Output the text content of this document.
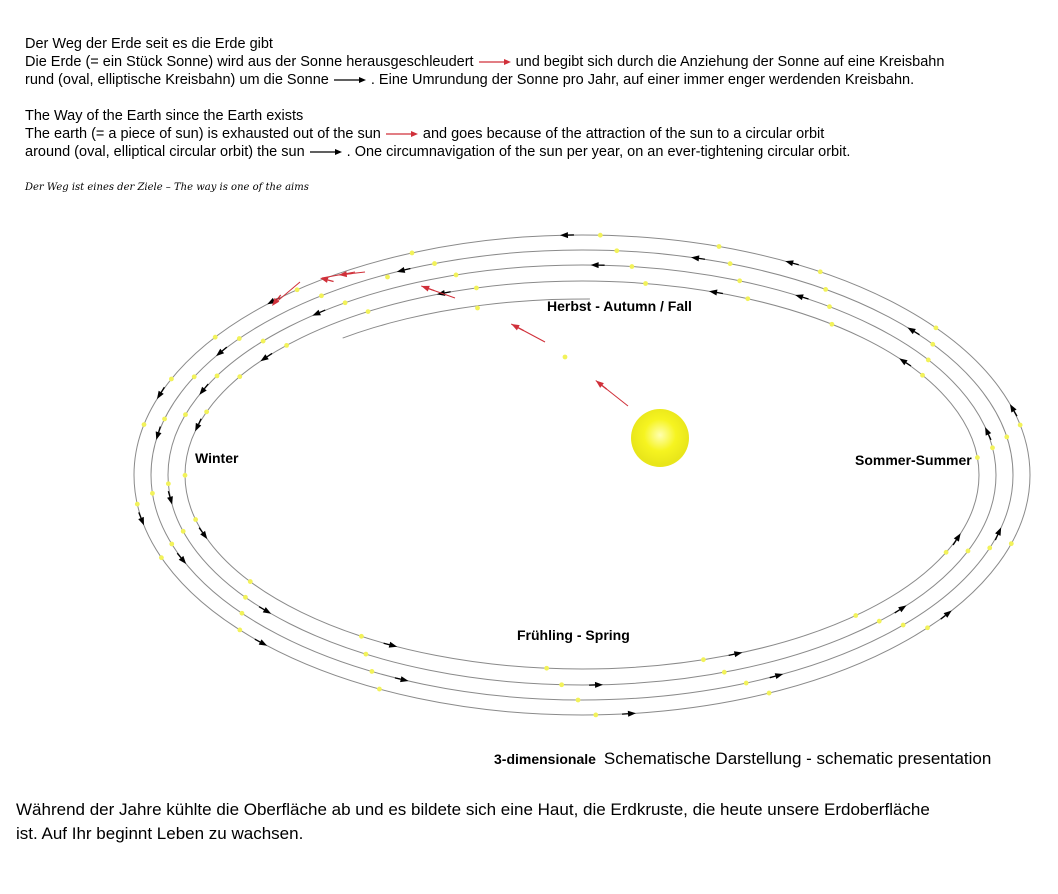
Der Weg der Erde seit es die Erde gibt
Die Erde (= ein Stück Sonne) wird aus der Sonne herausgeschleudert	und begibt sich durch die Anziehung der Sonne auf eine Kreisbahn
rund (oval, elliptische Kreisbahn) um die Sonne	. Eine Umrundung der Sonne pro Jahr, auf einer immer enger werdenden Kreisbahn.
The Way of the Earth since the Earth exists
The earth (= a piece of sun) is exhausted out of the sun	and goes because of the attraction of the sun to a circular orbit
around (oval, elliptical circular orbit) the sun	. One circumnavigation of the sun per year, on an ever-tightening circular orbit.
Der Weg ist eines der Ziele – The way is one of the aims
Herbst - Autumn / Fall
Winter	Sommer-Summer
Frühling - Spring
3-dimensionale Schematische Darstellung - schematic presentation
Während der Jahre kühlte die Oberfläche ab und es bildete sich eine Haut, die Erdkruste, die heute unsere Erdoberfläche
ist. Auf Ihr beginnt Leben zu wachsen.
